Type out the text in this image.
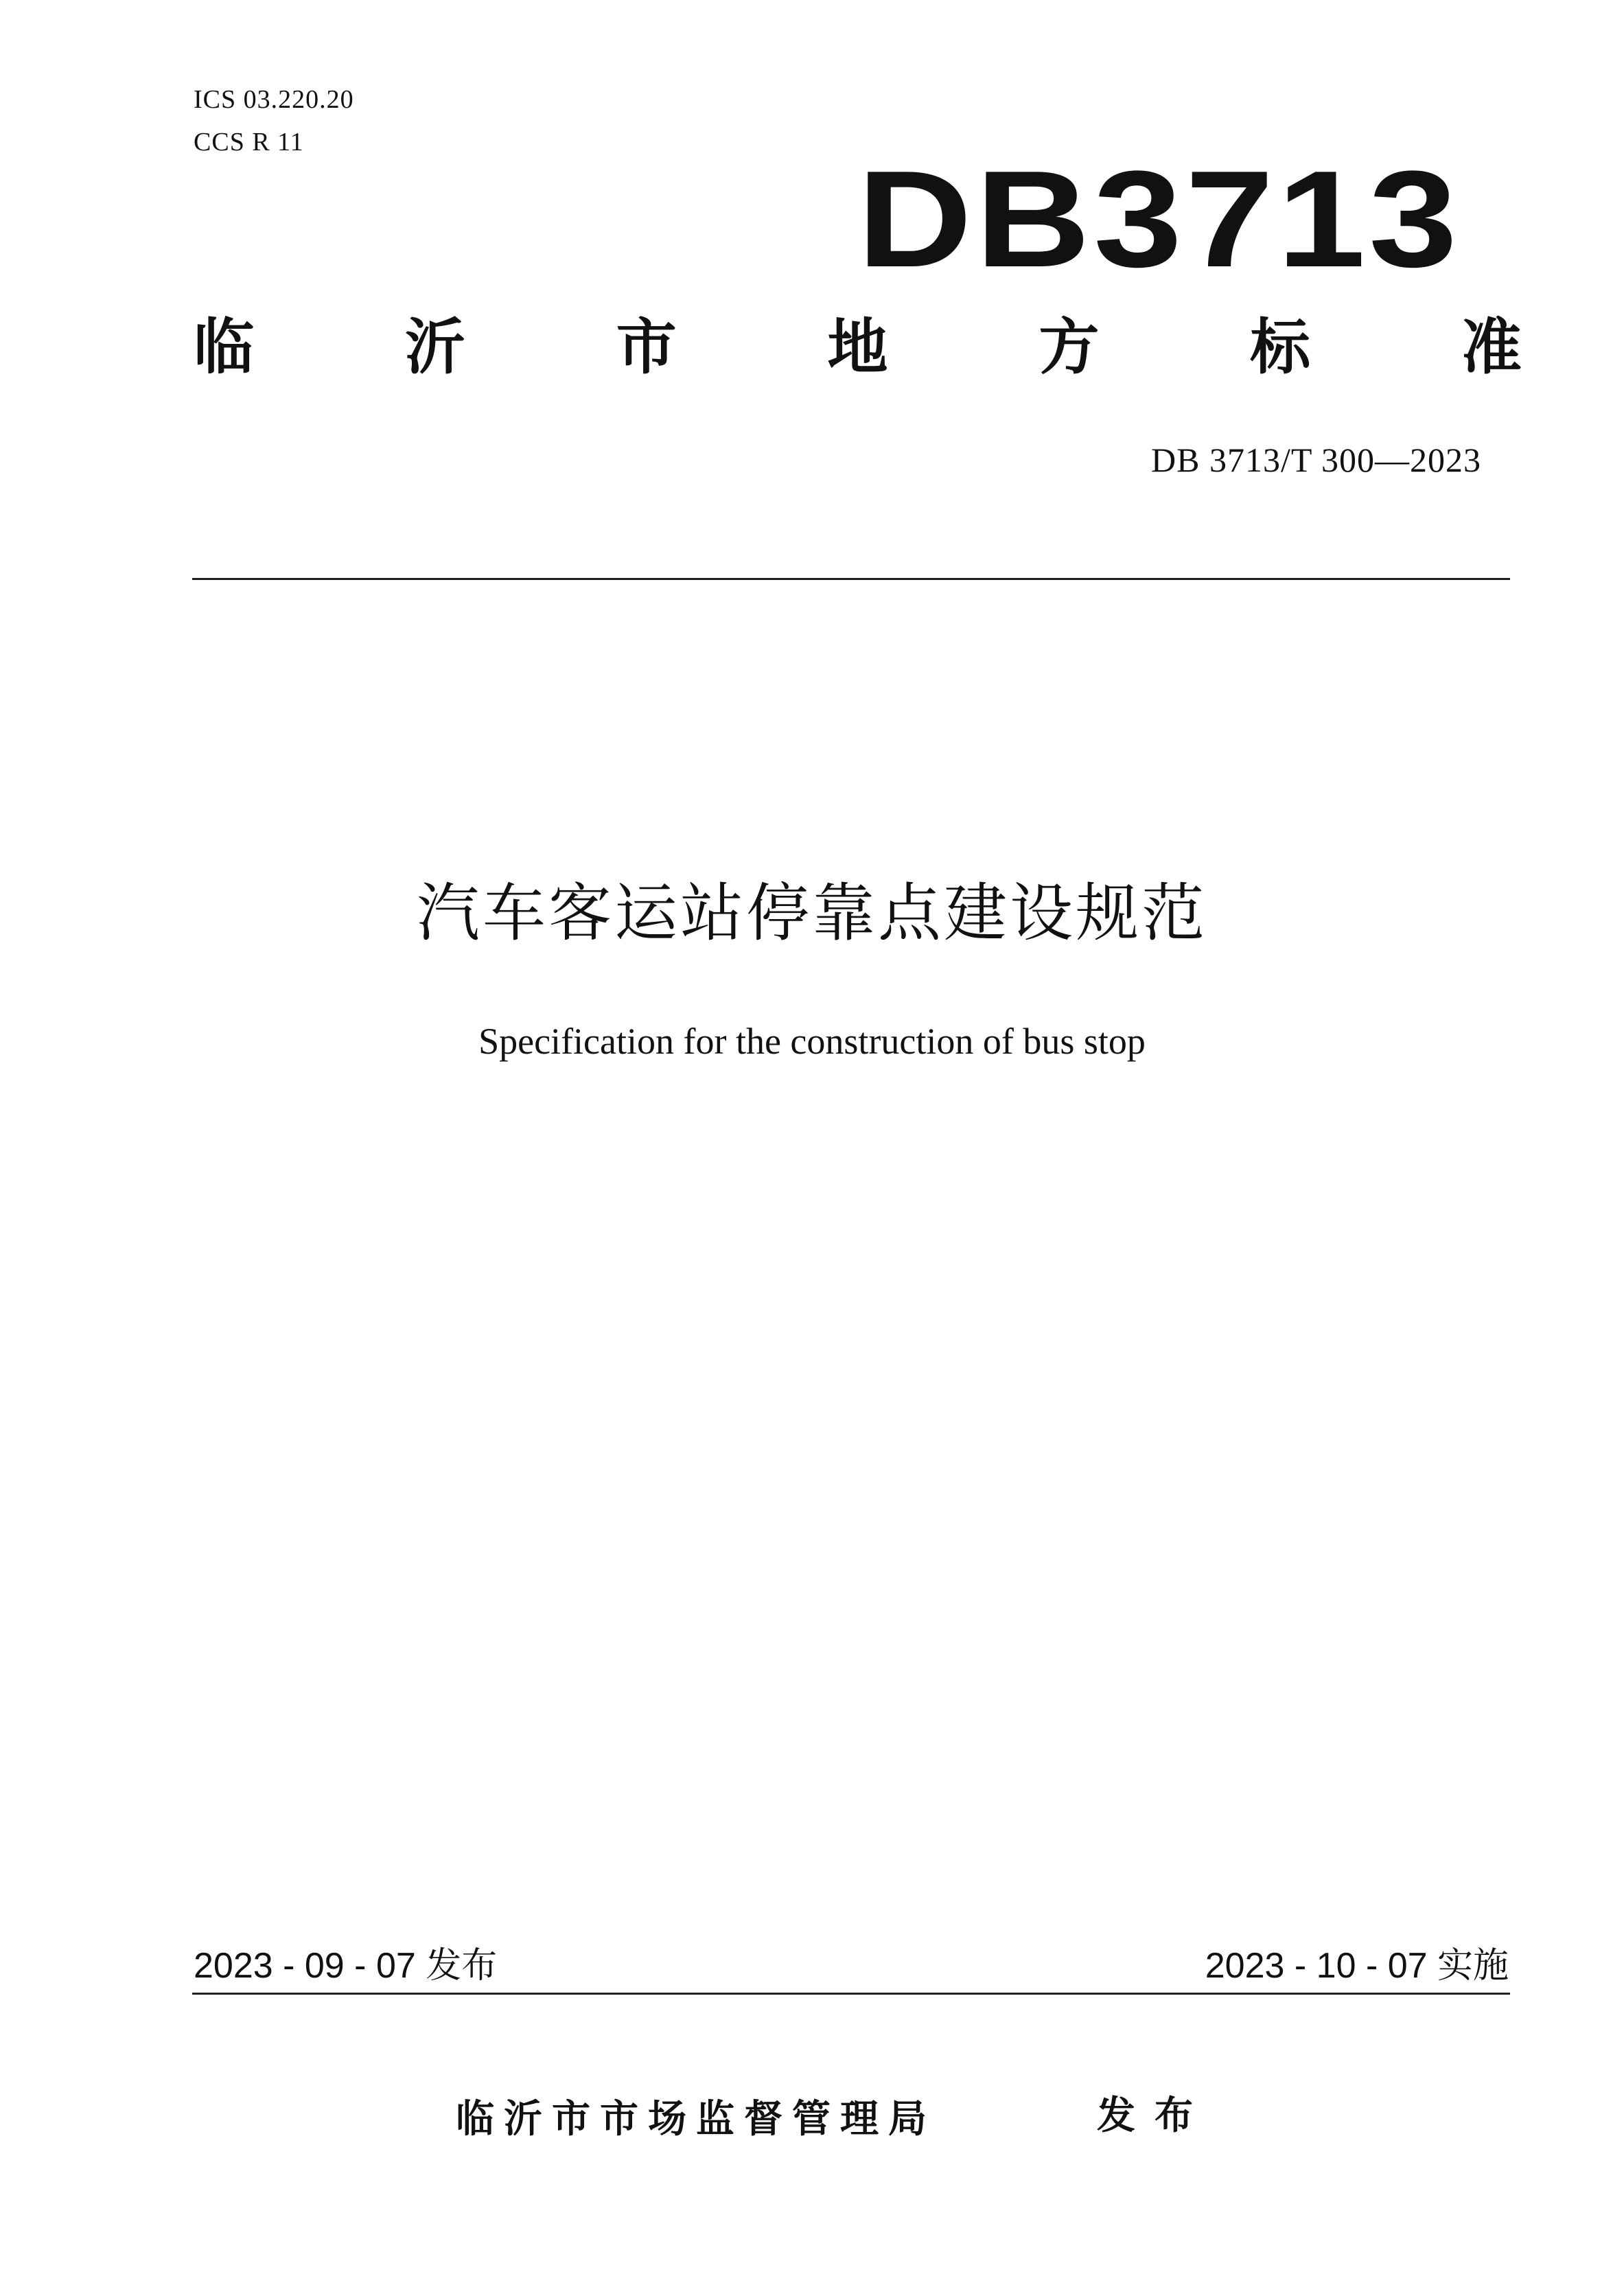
ICS 03.220.20
CCS R 11
DB3713
临 沂 市 地 方 标 准
DB 3713/T 300—2023
汽车客运站停靠点建设规范
Specification for the construction of bus stop
2023 - 09 - 07 发布	2023 - 10 - 07 实施
临沂市市场监督管理局	发布
